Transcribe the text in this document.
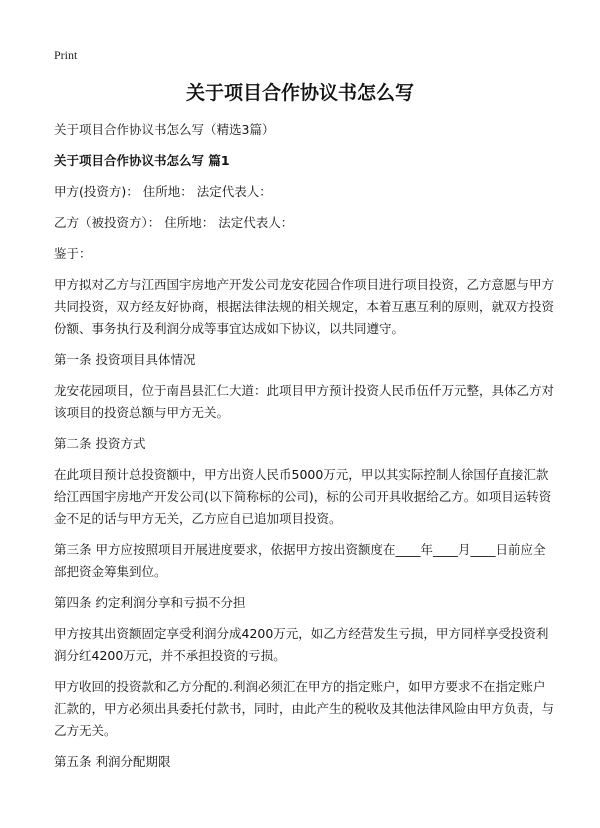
Print
关于项目合作协议书怎么写

关于项目合作协议书怎么写（精选3篇）

关于项目合作协议书怎么写 篇1

甲方(投资方)： 住所地： 法定代表人：

乙方（被投资方）： 住所地： 法定代表人：

鉴于：

甲方拟对乙方与江西国宇房地产开发公司龙安花园合作项目进行项目投资，乙方意愿与甲方共同投资，双方经友好协商，根据法律法规的相关规定，本着互惠互利的原则，就双方投资份额、事务执行及利润分成等事宜达成如下协议，以共同遵守。

第一条 投资项目具体情况

龙安花园项目，位于南昌县汇仁大道：此项目甲方预计投资人民币伍仟万元整，具体乙方对该项目的投资总额与甲方无关。

第二条 投资方式

在此项目预计总投资额中，甲方出资人民币5000万元，甲以其实际控制人徐国仔直接汇款给江西国宇房地产开发公司(以下简称标的公司)，标的公司开具收据给乙方。如项目运转资金不足的话与甲方无关，乙方应自已追加项目投资。

第三条 甲方应按照项目开展进度要求，依据甲方按出资额度在____年____月____日前应全部把资金筹集到位。

第四条 约定利润分享和亏损不分担

甲方按其出资额固定享受利润分成4200万元，如乙方经营发生亏损，甲方同样享受投资利润分红4200万元，并不承担投资的亏损。

甲方收回的投资款和乙方分配的.利润必须汇在甲方的指定账户，如甲方要求不在指定账户汇款的，甲方必须出具委托付款书，同时，由此产生的税收及其他法律风险由甲方负责，与乙方无关。

第五条 利润分配期限
